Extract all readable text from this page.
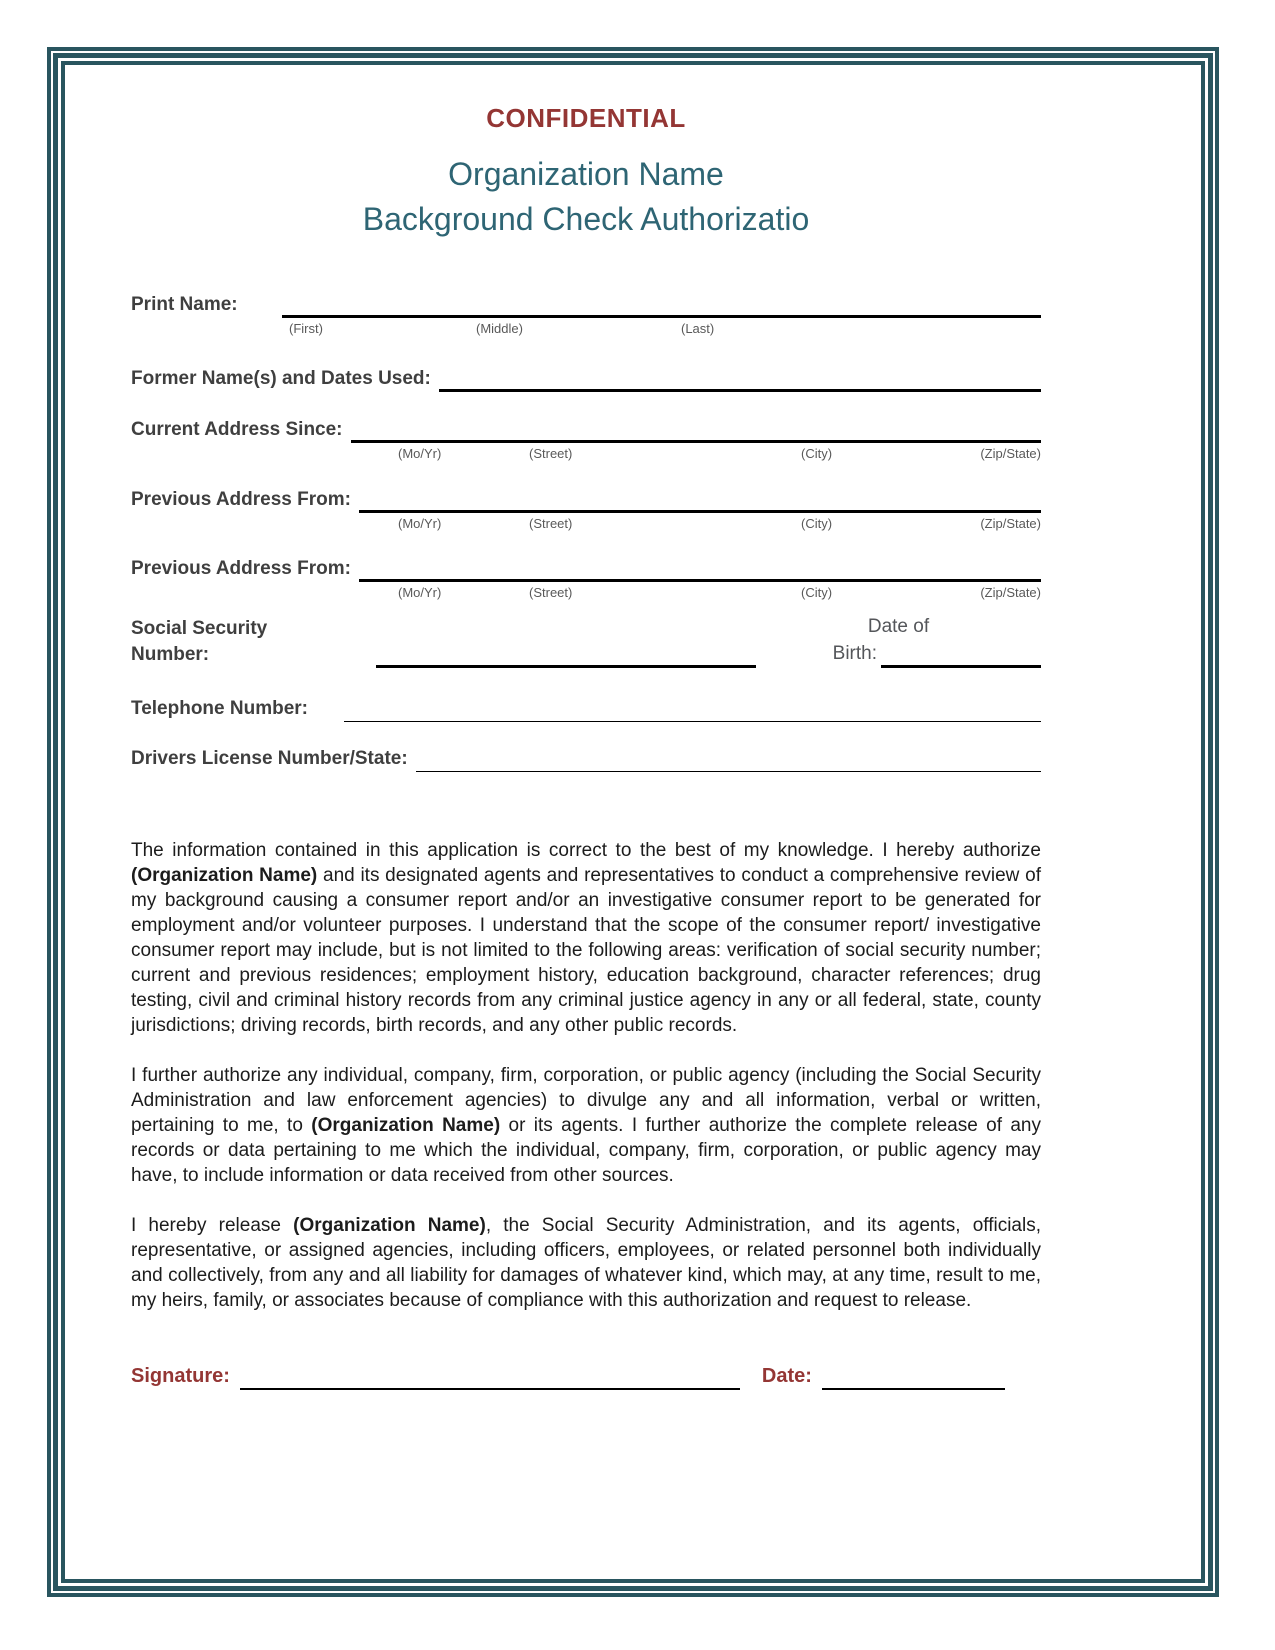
CONFIDENTIAL
Organization Name
Background Check Authorizatio
Print Name:
(First)	(Middle)	(Last)
Former Name(s) and Dates Used:
Current Address Since:
(Mo/Yr)	(Street)	(City)	(Zip/State)
Previous Address From:
(Mo/Yr)	(Street)	(City)	(Zip/State)
Previous Address From:
(Mo/Yr)	(Street)	(City)	(Zip/State)
Social Security Number:
Date of
Birth:
Telephone Number:
Drivers License Number/State:
The information contained in this application is correct to the best of my knowledge. I hereby authorize (Organization Name) and its designated agents and representatives to conduct a comprehensive review of my background causing a consumer report and/or an investigative consumer report to be generated for employment and/or volunteer purposes. I understand that the scope of the consumer report/ investigative consumer report may include, but is not limited to the following areas: verification of social security number; current and previous residences; employment history, education background, character references; drug testing, civil and criminal history records from any criminal justice agency in any or all federal, state, county jurisdictions; driving records, birth records, and any other public records.
I further authorize any individual, company, firm, corporation, or public agency (including the Social Security Administration and law enforcement agencies) to divulge any and all information, verbal or written, pertaining to me, to (Organization Name) or its agents. I further authorize the complete release of any records or data pertaining to me which the individual, company, firm, corporation, or public agency may have, to include information or data received from other sources.
I hereby release (Organization Name), the Social Security Administration, and its agents, officials, representative, or assigned agencies, including officers, employees, or related personnel both individually and collectively, from any and all liability for damages of whatever kind, which may, at any time, result to me, my heirs, family, or associates because of compliance with this authorization and request to release.
Signature:	Date:
